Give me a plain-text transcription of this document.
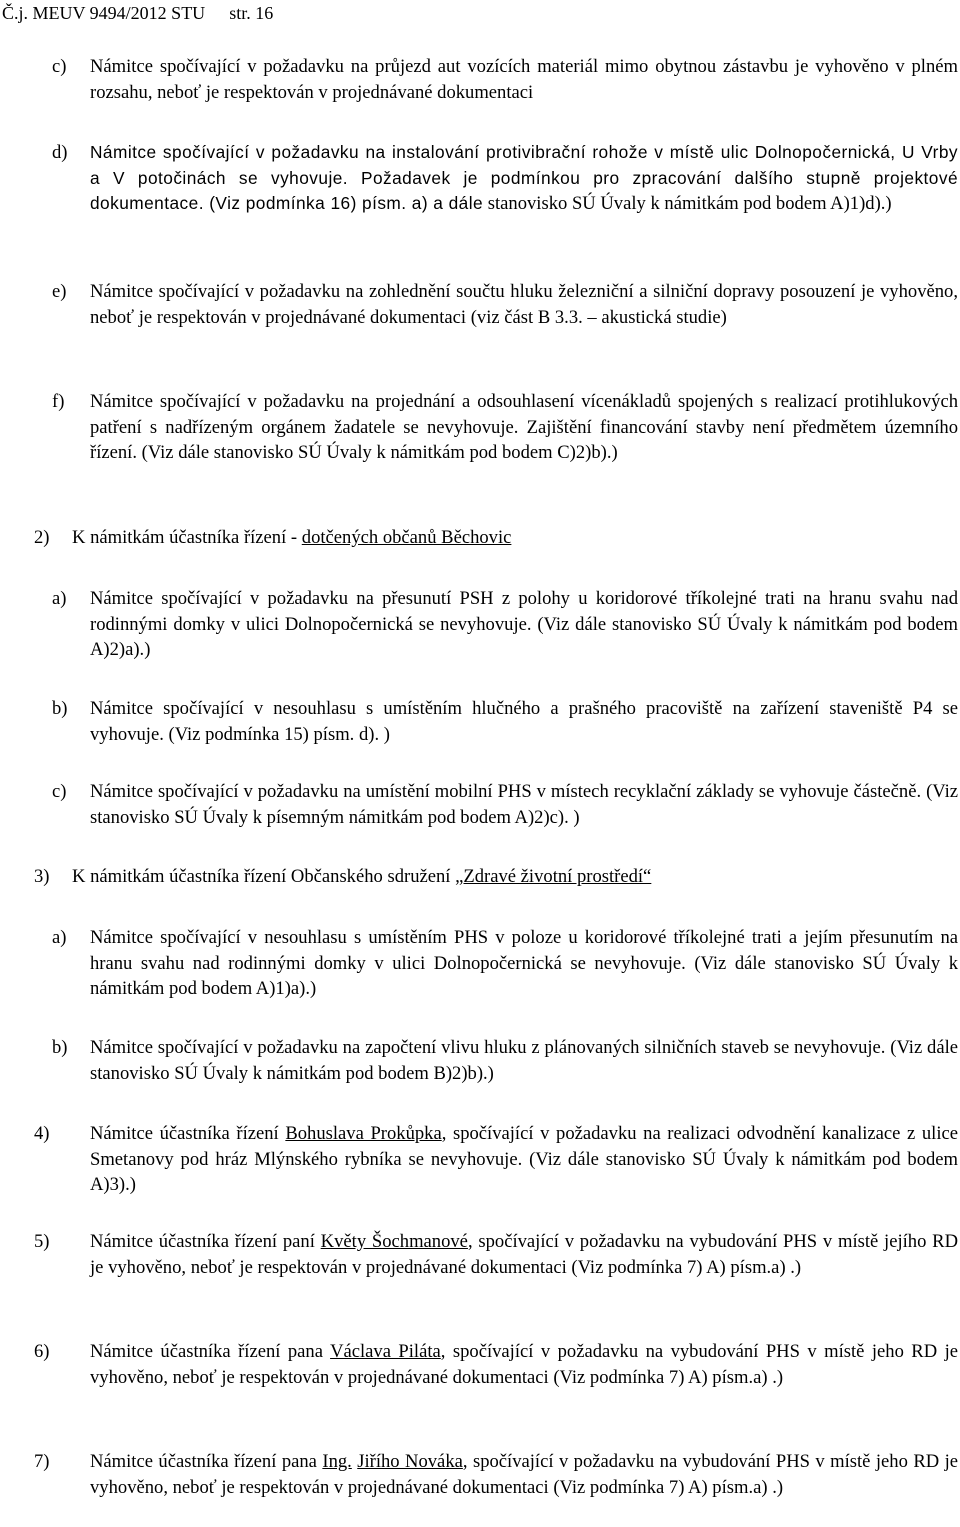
Č.j. MEUV 9494/2012 STU str. 16
c) Námitce spočívající v požadavku na průjezd aut vozících materiál mimo obytnou zástavbu je vyhověno v plném rozsahu, neboť je respektován v projednávané dokumentaci
d) Námitce spočívající v požadavku na instalování protivibrační rohože v místě ulic Dolnopočernická, U Vrby a V potočinách se vyhovuje. Požadavek je podmínkou pro zpracování dalšího stupně projektové dokumentace. (Viz podmínka 16) písm. a) a dále stanovisko SÚ Úvaly k námitkám pod bodem A)1)d).)
e) Námitce spočívající v požadavku na zohlednění součtu hluku železniční a silniční dopravy posouzení je vyhověno, neboť je respektován v projednávané dokumentaci (viz část B 3.3. – akustická studie)
f) Námitce spočívající v požadavku na projednání a odsouhlasení vícenákladů spojených s realizací protihlukových patření s nadřízeným orgánem žadatele se nevyhovuje. Zajištění financování stavby není předmětem územního řízení. (Viz dále stanovisko SÚ Úvaly k námitkám pod bodem C)2)b).)
2) K námitkám účastníka řízení - dotčených občanů Běchovic
a) Námitce spočívající v požadavku na přesunutí PSH z polohy u koridorové tříkolejné trati na hranu svahu nad rodinnými domky v ulici Dolnopočernická se nevyhovuje. (Viz dále stanovisko SÚ Úvaly k námitkám pod bodem A)2)a).)
b) Námitce spočívající v nesouhlasu s umístěním hlučného a prašného pracoviště na zařízení staveniště P4 se vyhovuje. (Viz podmínka 15) písm. d). )
c) Námitce spočívající v požadavku na umístění mobilní PHS v místech recyklační základy se vyhovuje částečně. (Viz stanovisko SÚ Úvaly k písemným námitkám pod bodem A)2)c). )
3) K námitkám účastníka řízení Občanského sdružení „Zdravé životní prostředí“
a) Námitce spočívající v nesouhlasu s umístěním PHS v poloze u koridorové tříkolejné trati a jejím přesunutím na hranu svahu nad rodinnými domky v ulici Dolnopočernická se nevyhovuje. (Viz dále stanovisko SÚ Úvaly k námitkám pod bodem A)1)a).)
b) Námitce spočívající v požadavku na započtení vlivu hluku z plánovaných silničních staveb se nevyhovuje. (Viz dále stanovisko SÚ Úvaly k námitkám pod bodem B)2)b).)
4) Námitce účastníka řízení Bohuslava Prokůpka, spočívající v požadavku na realizaci odvodnění kanalizace z ulice Smetanovy pod hráz Mlýnského rybníka se nevyhovuje. (Viz dále stanovisko SÚ Úvaly k námitkám pod bodem A)3).)
5) Námitce účastníka řízení paní Květy Šochmanové, spočívající v požadavku na vybudování PHS v místě jejího RD je vyhověno, neboť je respektován v projednávané dokumentaci (Viz podmínka 7) A) písm.a) .)
6) Námitce účastníka řízení pana Václava Piláta, spočívající v požadavku na vybudování PHS v místě jeho RD je vyhověno, neboť je respektován v projednávané dokumentaci (Viz podmínka 7) A) písm.a) .)
7) Námitce účastníka řízení pana Ing. Jiřího Nováka, spočívající v požadavku na vybudování PHS v místě jeho RD je vyhověno, neboť je respektován v projednávané dokumentaci (Viz podmínka 7) A) písm.a) .)
